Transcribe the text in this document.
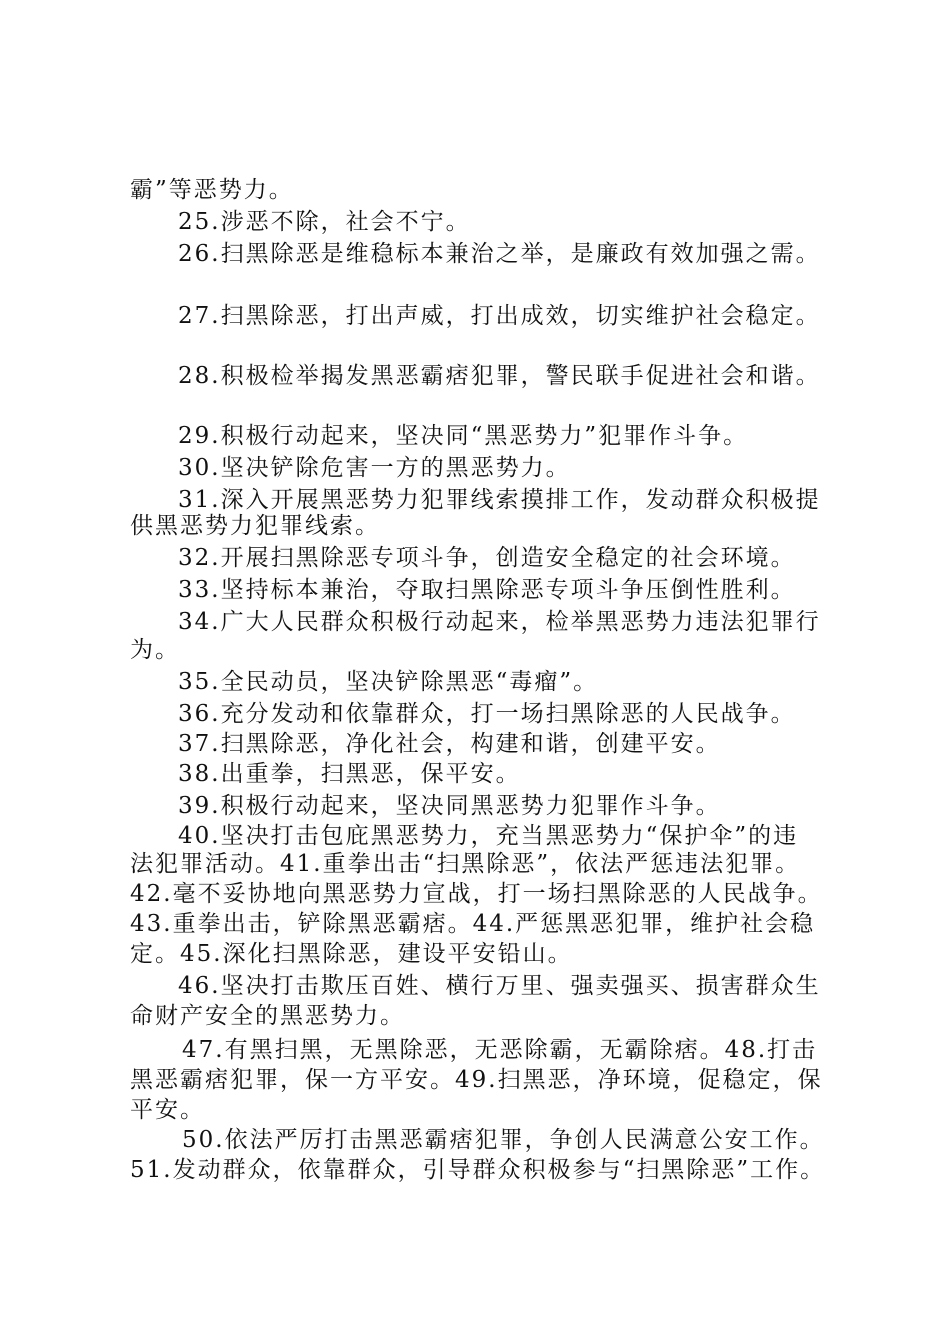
霸”等恶势力。
25.涉恶不除，社会不宁。
26.扫黑除恶是维稳标本兼治之举，是廉政有效加强之需。
27.扫黑除恶，打出声威，打出成效，切实维护社会稳定。
28.积极检举揭发黑恶霸痞犯罪，警民联手促进社会和谐。
29.积极行动起来，坚决同“黑恶势力”犯罪作斗争。
30.坚决铲除危害一方的黑恶势力。
31.深入开展黑恶势力犯罪线索摸排工作，发动群众积极提
供黑恶势力犯罪线索。
32.开展扫黑除恶专项斗争，创造安全稳定的社会环境。
33.坚持标本兼治，夺取扫黑除恶专项斗争压倒性胜利。
34.广大人民群众积极行动起来，检举黑恶势力违法犯罪行
为。
35.全民动员，坚决铲除黑恶“毒瘤”。
36.充分发动和依靠群众，打一场扫黑除恶的人民战争。
37.扫黑除恶，净化社会，构建和谐，创建平安。
38.出重拳，扫黑恶，保平安。
39.积极行动起来，坚决同黑恶势力犯罪作斗争。
40.坚决打击包庇黑恶势力，充当黑恶势力“保护伞”的违
法犯罪活动。41.重拳出击“扫黑除恶”，依法严惩违法犯罪。
42.毫不妥协地向黑恶势力宣战，打一场扫黑除恶的人民战争。
43.重拳出击，铲除黑恶霸痞。44.严惩黑恶犯罪，维护社会稳
定。45.深化扫黑除恶，建设平安铅山。
46.坚决打击欺压百姓、横行万里、强卖强买、损害群众生
命财产安全的黑恶势力。
47.有黑扫黑，无黑除恶，无恶除霸，无霸除痞。48.打击
黑恶霸痞犯罪，保一方平安。49.扫黑恶，净环境，促稳定，保
平安。
50.依法严厉打击黑恶霸痞犯罪，争创人民满意公安工作。
51.发动群众，依靠群众，引导群众积极参与“扫黑除恶”工作。
